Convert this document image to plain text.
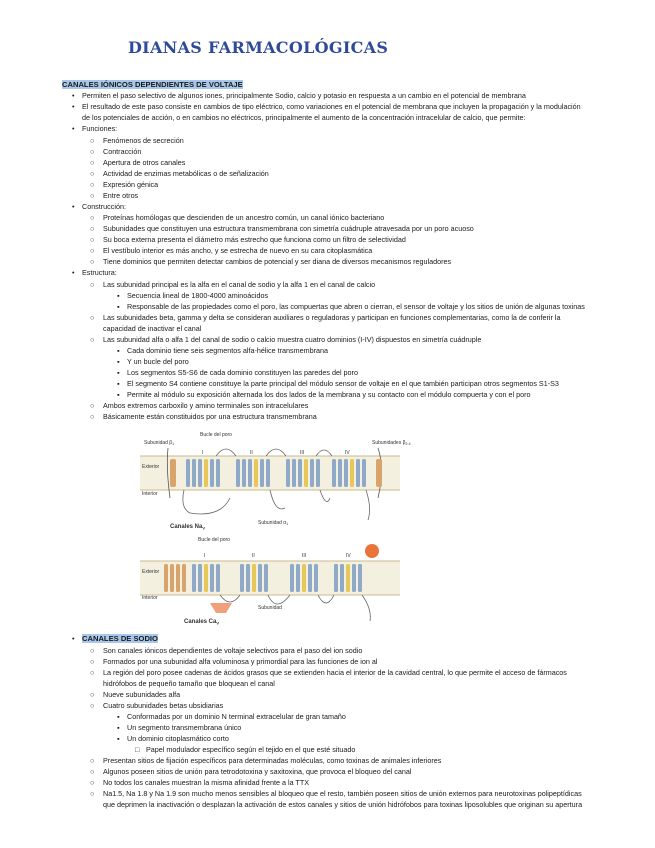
DIANAS FARMACOLÓGICAS
CANALES IÓNICOS DEPENDIENTES DE VOLTAJE
• Permiten el paso selectivo de algunos iones, principalmente Sodio, calcio y potasio en respuesta a un cambio en el potencial de membrana
• El resultado de este paso consiste en cambios de tipo eléctrico, como variaciones en el potencial de membrana que incluyen la propagación y la modulación
de los potenciales de acción, o en cambios no eléctricos, principalmente el aumento de la concentración intracelular de calcio, que permite:
• Funciones:
○ Fenómenos de secreción
○ Contracción
○ Apertura de otros canales
○ Actividad de enzimas metabólicas o de señalización
○ Expresión génica
○ Entre otros
• Construcción:
○ Proteínas homólogas que descienden de un ancestro común, un canal iónico bacteriano
○ Subunidades que constituyen una estructura transmembrana con simetría cuádruple atravesada por un poro acuoso
○ Su boca externa presenta el diámetro más estrecho que funciona como un filtro de selectividad
○ El vestíbulo interior es más ancho, y se estrecha de nuevo en su cara citoplasmática
○ Tiene dominios que permiten detectar cambios de potencial y ser diana de diversos mecanismos reguladores
• Estructura:
○ Las subunidad principal es la alfa en el canal de sodio y la alfa 1 en el canal de calcio
▪ Secuencia lineal de 1800-4000 aminoácidos
▪ Responsable de las propiedades como el poro, las compuertas que abren o cierran, el sensor de voltaje y los sitios de unión de algunas toxinas
○ Las subunidades beta, gamma y delta se consideran auxiliares o reguladoras y participan en funciones complementarias, como la de conferir la
capacidad de inactivar el canal
○ Las subunidad alfa o alfa 1 del canal de sodio o calcio muestra cuatro dominios (I-IV) dispuestos en simetría cuádruple
▪ Cada dominio tiene seis segmentos alfa-hélice transmembrana
▪ Y un bucle del poro
▪ Los segmentos S5-S6 de cada dominio constituyen las paredes del poro
▪ El segmento S4 contiene constituye la parte principal del módulo sensor de voltaje en el que también participan otros segmentos S1-S3
▪ Permite al módulo su exposición alternada los dos lados de la membrana y su contacto con el módulo compuerta y con el poro
○ Ambos extremos carboxilo y amino terminales son intracelulares
○ Básicamente están constituidos por una estructura transmembrana
Exterior
Interior
Bucle del poro
Subunidad $\beta_1$	Subunidades $\beta_{2-4}$
I	II	III	IV
Canales $Na_V$
Subunidad $\alpha_1$
Exterior
Interior
Bucle del poro
I	II	III	IV
Canales $Ca_V$
Subunidad
• CANALES DE SODIO
○ Son canales iónicos dependientes de voltaje selectivos para el paso del ion sodio
○ Formados por una subunidad alfa voluminosa y primordial para las funciones de ion al
○ La región del poro posee cadenas de ácidos grasos que se extienden hacia el interior de la cavidad central, lo que permite el acceso de fármacos
hidrófobos de pequeño tamaño que bloquean el canal
○ Nueve subunidades alfa
○ Cuatro subunidades betas ubsidiarias
▪ Conformadas por un dominio N terminal extracelular de gran tamaño
▪ Un segmento transmembrana único
▪ Un dominio citoplasmático corto
□ Papel modulador específico según el tejido en el que esté situado
○ Presentan sitios de fijación específicos para determinadas moléculas, como toxinas de animales inferiores
○ Algunos poseen sitios de unión para tetrodotoxina y saxitoxina, que provoca el bloqueo del canal
○ No todos los canales muestran la misma afinidad frente a la TTX
○ Na1.5, Na 1.8 y Na 1.9 son mucho menos sensibles al bloqueo que el resto, también poseen sitios de unión externos para neurotoxinas polipeptídicas
que deprimen la inactivación o desplazan la activación de estos canales y sitios de unión hidrófobos para toxinas liposolubles que originan su apertura
